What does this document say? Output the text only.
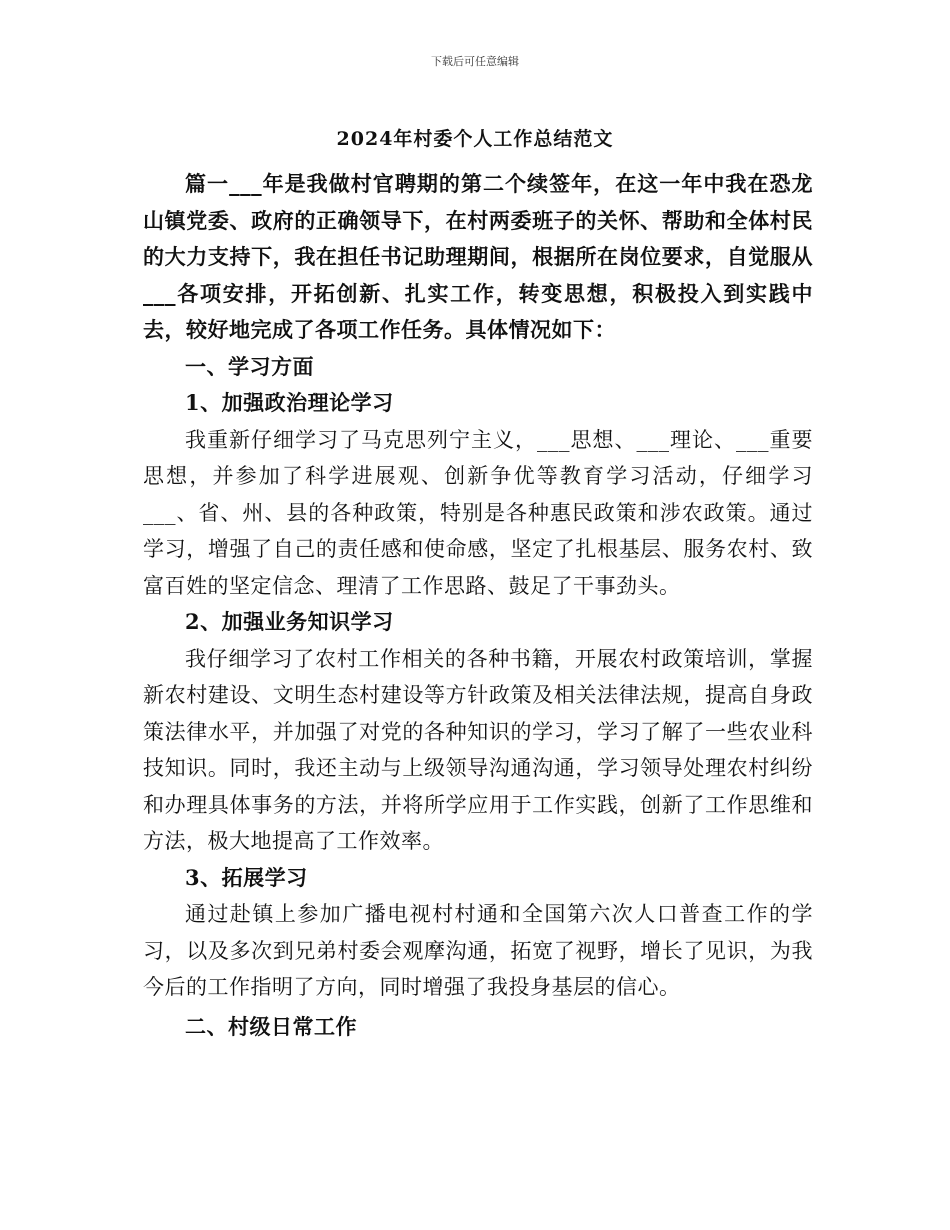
下载后可任意编辑
2024年村委个人工作总结范文

篇一___年是我做村官聘期的第二个续签年，在这一年中我在恐龙山镇党委、政府的正确领导下，在村两委班子的关怀、帮助和全体村民的大力支持下，我在担任书记助理期间，根据所在岗位要求，自觉服从___各项安排，开拓创新、扎实工作，转变思想，积极投入到实践中去，较好地完成了各项工作任务。具体情况如下：

一、学习方面

1、加强政治理论学习

我重新仔细学习了马克思列宁主义，___思想、___理论、___重要思想，并参加了科学进展观、创新争优等教育学习活动，仔细学习___、省、州、县的各种政策，特别是各种惠民政策和涉农政策。通过学习，增强了自己的责任感和使命感，坚定了扎根基层、服务农村、致富百姓的坚定信念、理清了工作思路、鼓足了干事劲头。

2、加强业务知识学习

我仔细学习了农村工作相关的各种书籍，开展农村政策培训，掌握新农村建设、文明生态村建设等方针政策及相关法律法规，提高自身政策法律水平，并加强了对党的各种知识的学习，学习了解了一些农业科技知识。同时，我还主动与上级领导沟通沟通，学习领导处理农村纠纷和办理具体事务的方法，并将所学应用于工作实践，创新了工作思维和方法，极大地提高了工作效率。

3、拓展学习

通过赴镇上参加广播电视村村通和全国第六次人口普查工作的学习，以及多次到兄弟村委会观摩沟通，拓宽了视野，增长了见识，为我今后的工作指明了方向，同时增强了我投身基层的信心。

二、村级日常工作
